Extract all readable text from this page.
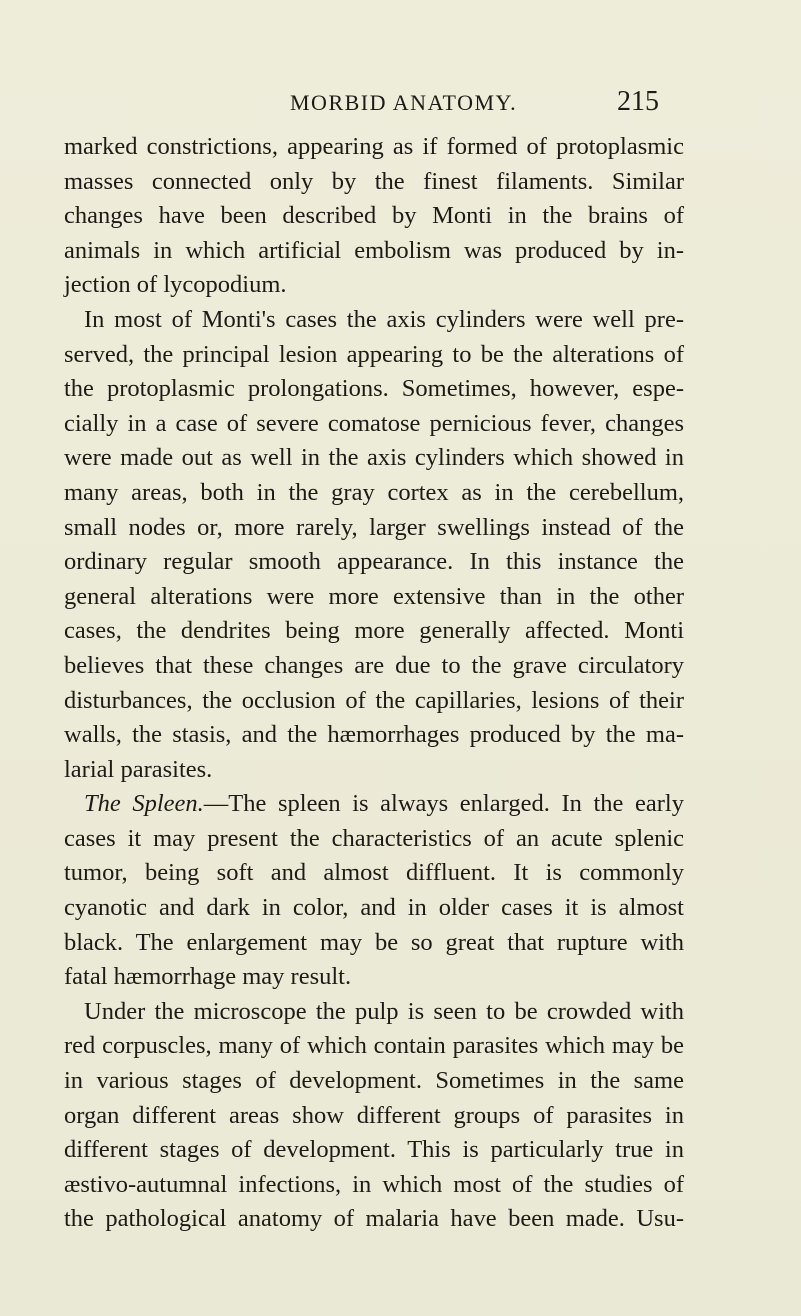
MORBID ANATOMY.	215
marked constrictions, appearing as if formed of protoplasmic
masses connected only by the finest filaments. Similar
changes have been described by Monti in the brains of
animals in which artificial embolism was produced by in-
jection of lycopodium.
In most of Monti's cases the axis cylinders were well pre-
served, the principal lesion appearing to be the alterations of
the protoplasmic prolongations. Sometimes, however, espe-
cially in a case of severe comatose pernicious fever, changes
were made out as well in the axis cylinders which showed in
many areas, both in the gray cortex as in the cerebellum,
small nodes or, more rarely, larger swellings instead of the
ordinary regular smooth appearance. In this instance the
general alterations were more extensive than in the other
cases, the dendrites being more generally affected. Monti
believes that these changes are due to the grave circulatory
disturbances, the occlusion of the capillaries, lesions of their
walls, the stasis, and the hæmorrhages produced by the ma-
larial parasites.
The Spleen.—The spleen is always enlarged. In the early
cases it may present the characteristics of an acute splenic
tumor, being soft and almost diffluent. It is commonly
cyanotic and dark in color, and in older cases it is almost
black. The enlargement may be so great that rupture with
fatal hæmorrhage may result.
Under the microscope the pulp is seen to be crowded with
red corpuscles, many of which contain parasites which may be
in various stages of development. Sometimes in the same
organ different areas show different groups of parasites in
different stages of development. This is particularly true in
æstivo-autumnal infections, in which most of the studies of
the pathological anatomy of malaria have been made. Usu-
